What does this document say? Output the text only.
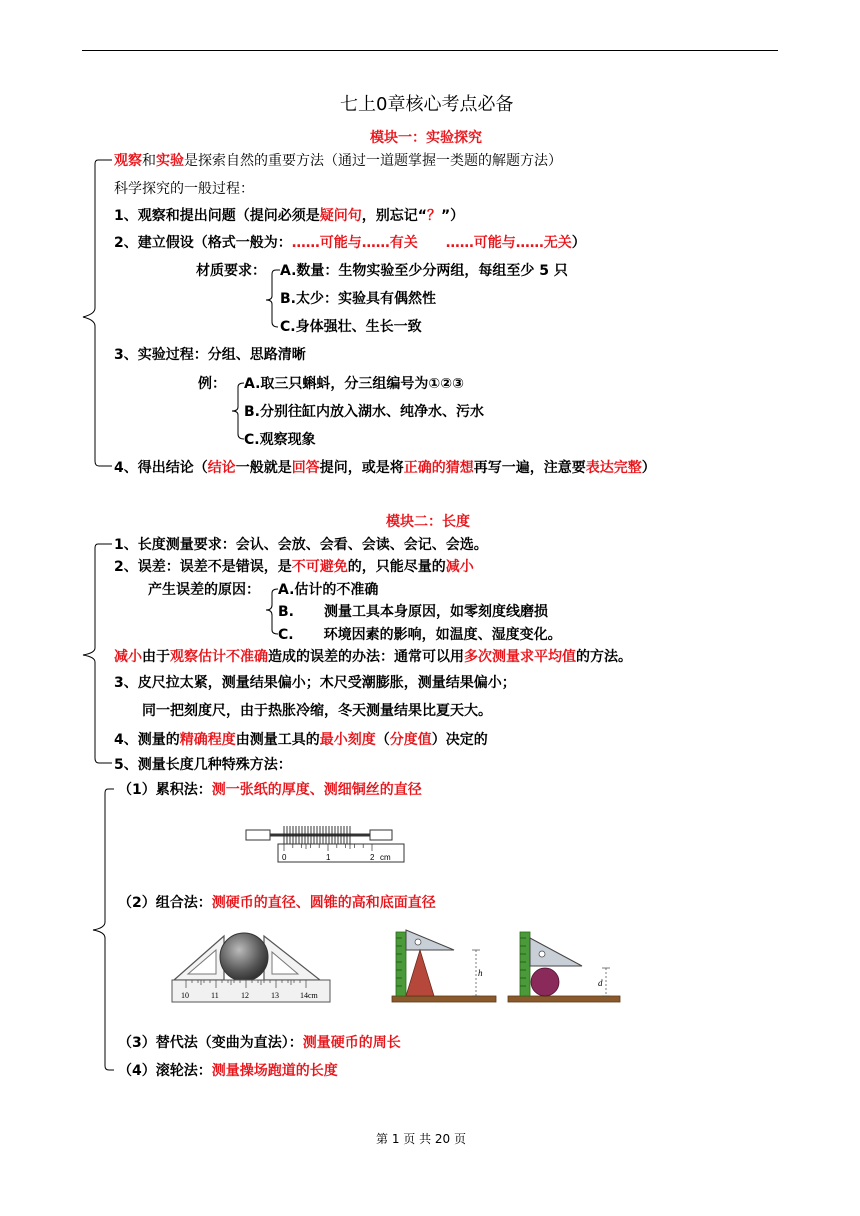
七上0章核心考点必备
模块一：实验探究
观察和实验是探索自然的重要方法（通过一道题掌握一类题的解题方法）
科学探究的一般过程：
1、观察和提出问题（提问必须是疑问句，别忘记“？”）
2、建立假设（格式一般为：……可能与……有关 ……可能与……无关）
材质要求： A.数量：生物实验至少分两组，每组至少 5 只
B.太少：实验具有偶然性
C.身体强壮、生长一致
3、实验过程：分组、思路清晰
例： A.取三只蝌蚪，分三组编号为①②③
B.分别往缸内放入湖水、纯净水、污水
C.观察现象
4、得出结论（结论一般就是回答提问，或是将正确的猜想再写一遍，注意要表达完整）
模块二：长度
1、长度测量要求：会认、会放、会看、会读、会记、会选。
2、误差：误差不是错误，是不可避免的，只能尽量的减小
产生误差的原因： A.估计的不准确
B. 测量工具本身原因，如零刻度线磨损
C. 环境因素的影响，如温度、湿度变化。
减小由于观察估计不准确造成的误差的办法：通常可以用多次测量求平均值的方法。
3、皮尺拉太紧，测量结果偏小；木尺受潮膨胀，测量结果偏小；
同一把刻度尺，由于热胀冷缩，冬天测量结果比夏天大。
4、测量的精确程度由测量工具的最小刻度（分度值）决定的
5、测量长度几种特殊方法：
（1）累积法：测一张纸的厚度、测细铜丝的直径
0	1	2 cm
（2）组合法：测硬币的直径、圆锥的高和底面直径
10	11	12	13	14cm
h
d
（3）替代法（变曲为直法）：测量硬币的周长
（4）滚轮法：测量操场跑道的长度
第 1 页 共 20 页
